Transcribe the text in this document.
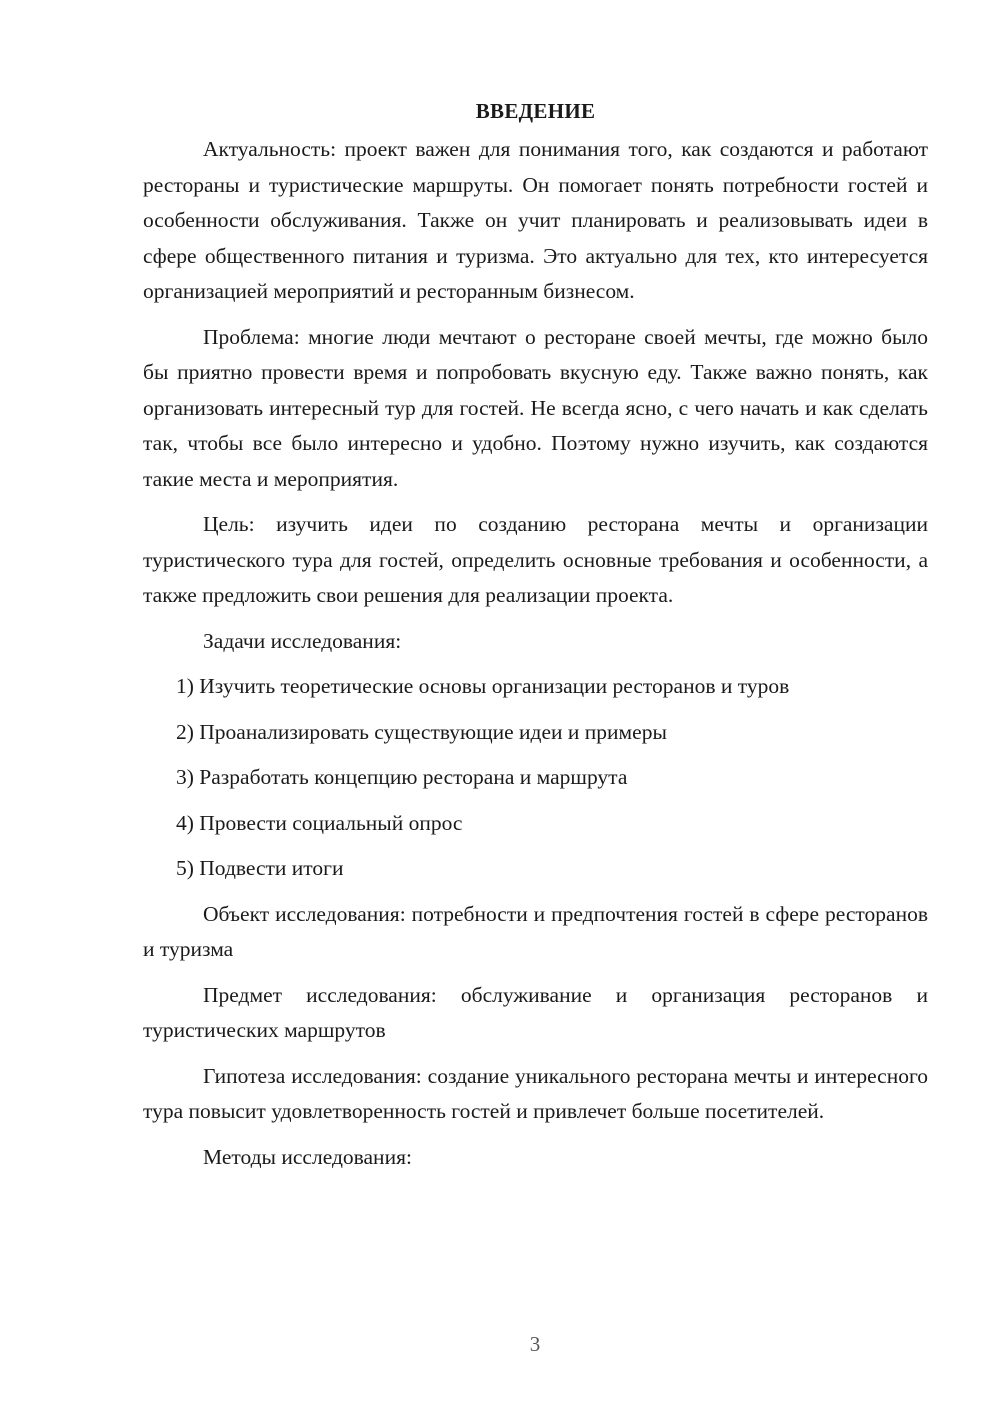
ВВЕДЕНИЕ

Актуальность: проект важен для понимания того, как создаются и работают рестораны и туристические маршруты. Он помогает понять потребности гостей и особенности обслуживания. Также он учит планировать и реализовывать идеи в сфере общественного питания и туризма. Это актуально для тех, кто интересуется организацией мероприятий и ресторанным бизнесом.

Проблема: многие люди мечтают о ресторане своей мечты, где можно было бы приятно провести время и попробовать вкусную еду. Также важно понять, как организовать интересный тур для гостей. Не всегда ясно, с чего начать и как сделать так, чтобы все было интересно и удобно. Поэтому нужно изучить, как создаются такие места и мероприятия.

Цель: изучить идеи по созданию ресторана мечты и организации туристического тура для гостей, определить основные требования и особенности, а также предложить свои решения для реализации проекта.

Задачи исследования:

1) Изучить теоретические основы организации ресторанов и туров
2) Проанализировать существующие идеи и примеры
3) Разработать концепцию ресторана и маршрута
4) Провести социальный опрос
5) Подвести итоги

Объект исследования: потребности и предпочтения гостей в сфере ресторанов и туризма

Предмет исследования: обслуживание и организация ресторанов и туристических маршрутов

Гипотеза исследования: создание уникального ресторана мечты и интересного тура повысит удовлетворенность гостей и привлечет больше посетителей.

Методы исследования:

3
